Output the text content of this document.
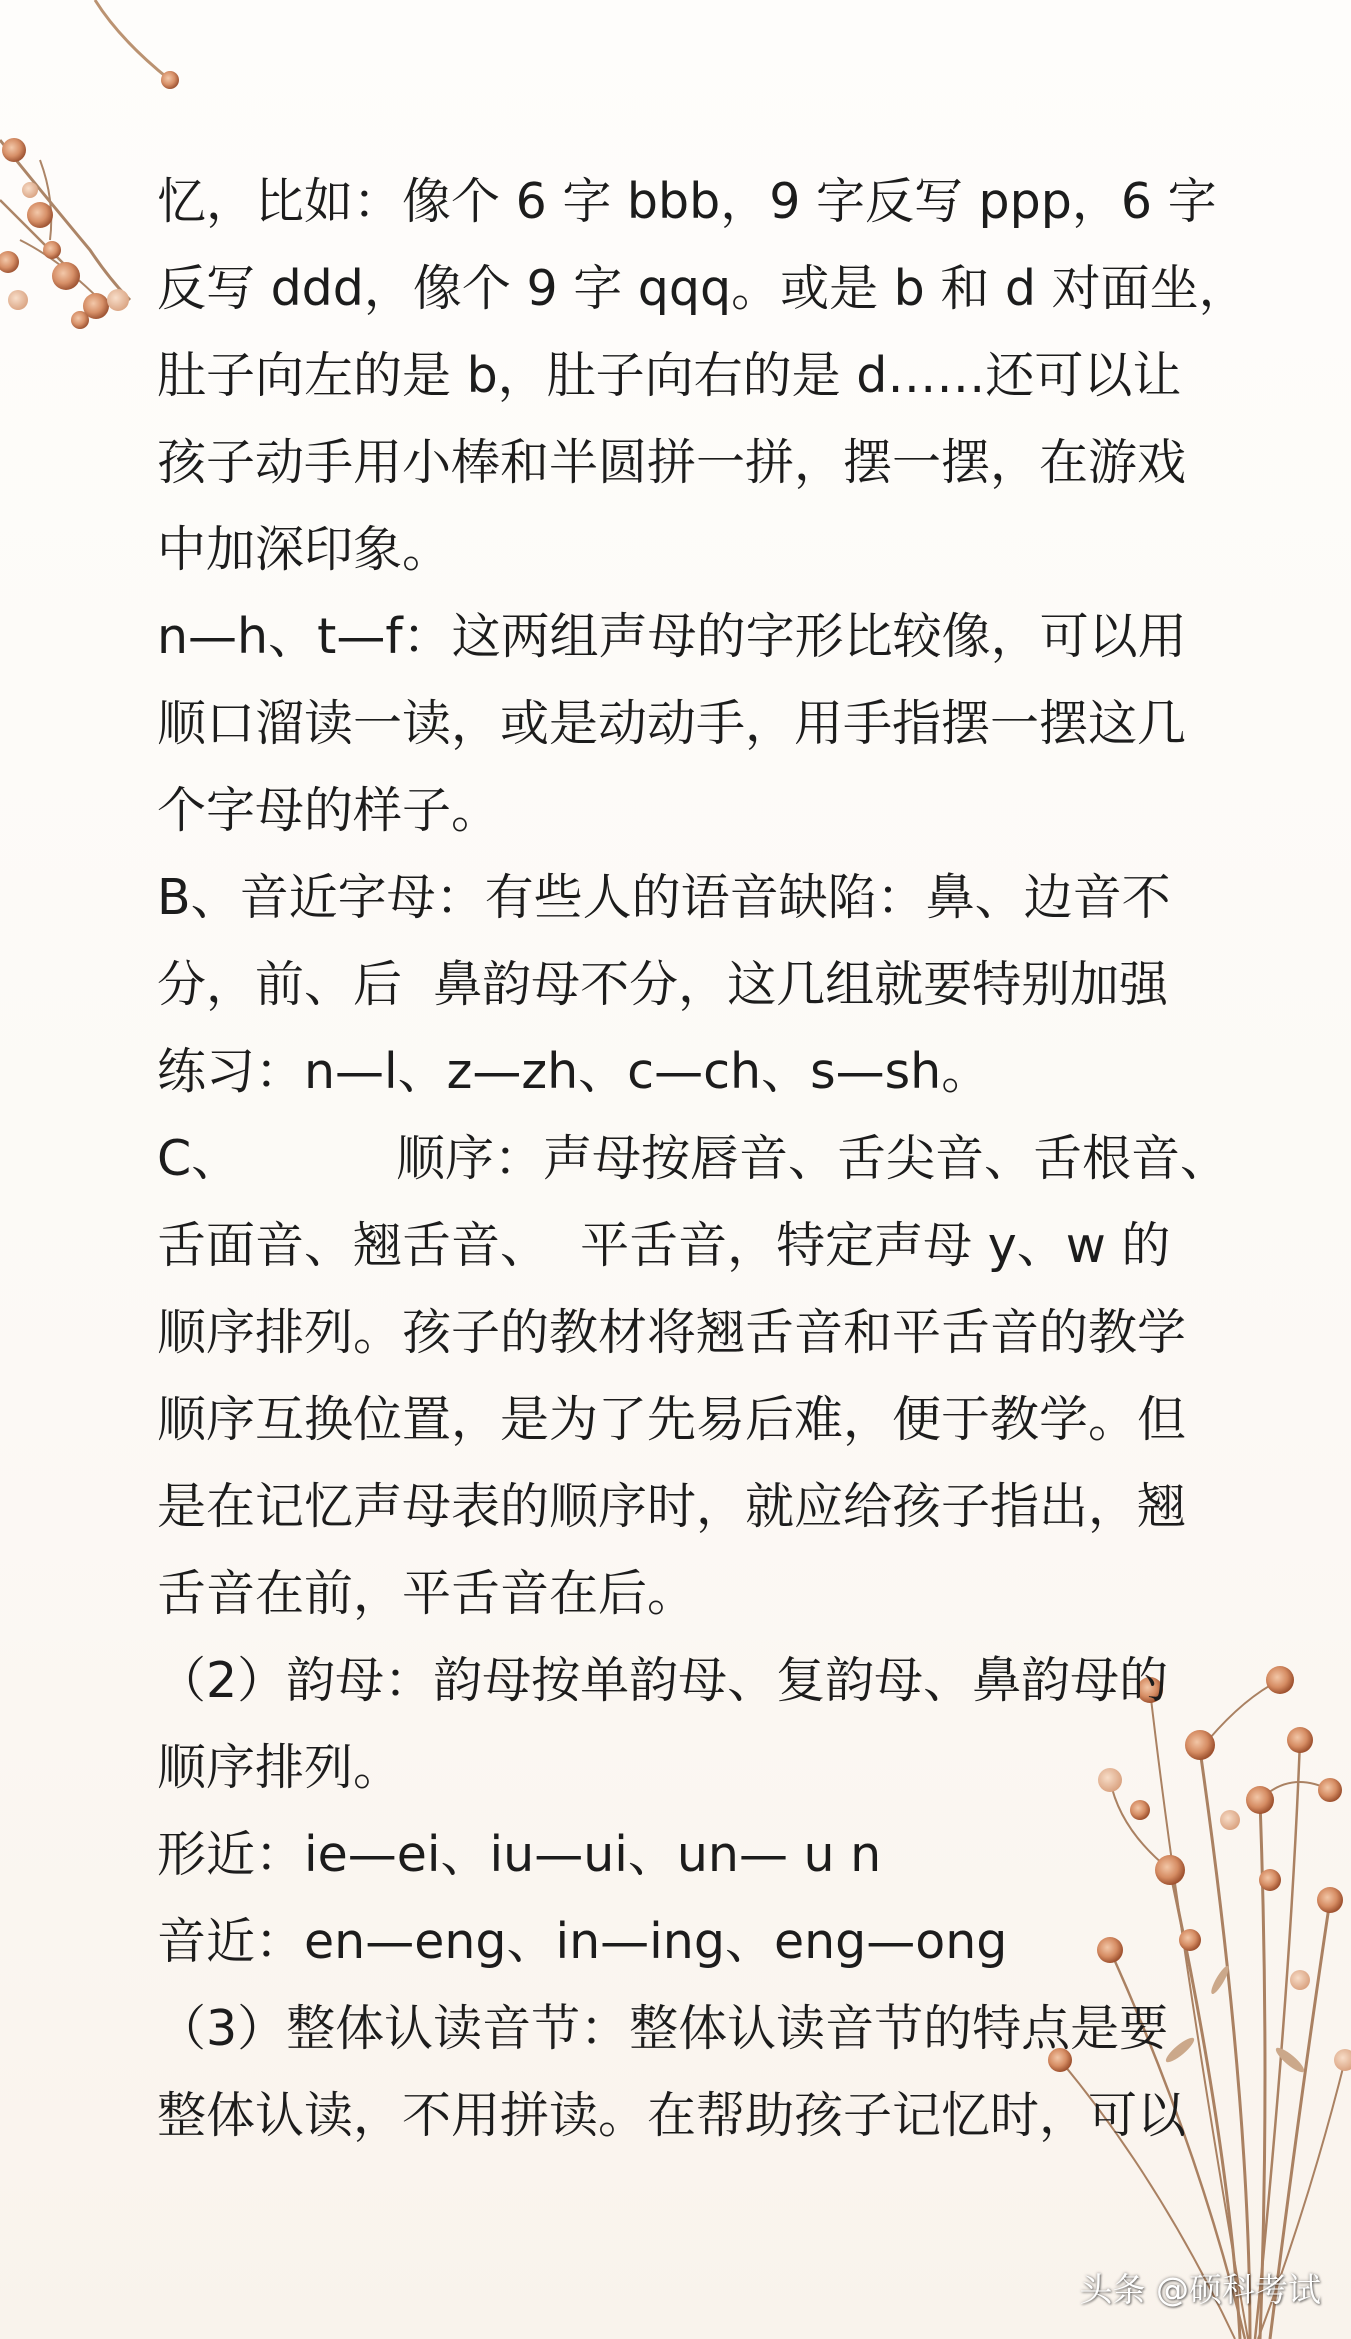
忆，比如：像个 6 字 bbb，9 字反写 ppp，6 字
反写 ddd，像个 9 字 qqq。或是 b 和 d 对面坐，
肚子向左的是 b，肚子向右的是 d……还可以让
孩子动手用小棒和半圆拼一拼，摆一摆，在游戏
中加深印象。
n—h、t—f：这两组声母的字形比较像，可以用
顺口溜读一读，或是动动手，用手指摆一摆这几
个字母的样子。
B、音近字母：有些人的语音缺陷：鼻、边音不
分，前、后  鼻韵母不分，这几组就要特别加强
练习：n—l、z—zh、c—ch、s—sh。
C、          顺序：声母按唇音、舌尖音、舌根音、
舌面音、翘舌音、  平舌音，特定声母 y、w 的
顺序排列。孩子的教材将翘舌音和平舌音的教学
顺序互换位置，是为了先易后难，便于教学。但
是在记忆声母表的顺序时，就应给孩子指出，翘
舌音在前，平舌音在后。
（2）韵母：韵母按单韵母、复韵母、鼻韵母的
顺序排列。
形近：ie—ei、iu—ui、un— u n
音近：en—eng、in—ing、eng—ong
（3）整体认读音节：整体认读音节的特点是要
整体认读，不用拼读。在帮助孩子记忆时，可以
头条 @硕科考试
